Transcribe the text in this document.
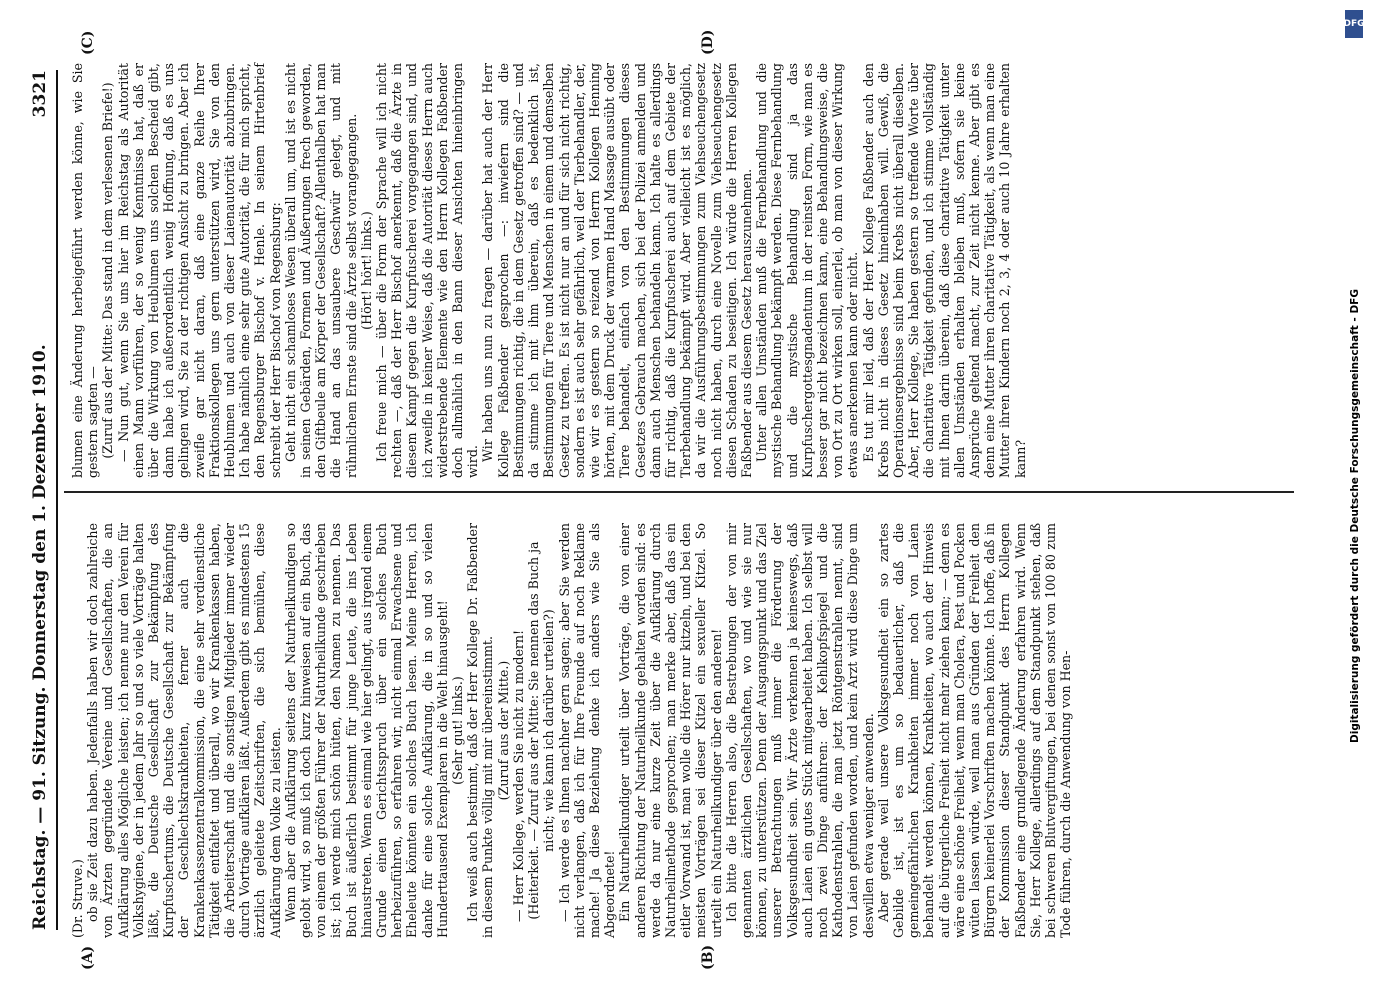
Reichstag. — 91. Sitzung. Donnerstag den 1. Dezember 1910.
3321
(A)	(B)
(C)	(D)

(Dr. Struve.) ob sie Zeit dazu haben. Jedenfalls haben wir doch zahlreiche von Ärzten gegründete Vereine und Gesellschaften, die an Aufklärung alles Mögliche leisten; ich nenne nur den Verein für Volkshygiene, der in jedem Jahr so und so viele Vorträge halten läßt, die Deutsche Gesellschaft zur Bekämpfung des Kurpfuschertums, die Deutsche Gesellschaft zur Bekämpfung der Geschlechtskrankheiten, ferner auch die Krankenkassenzentralkommission, die eine sehr verdienstliche Tätigkeit entfaltet und überall, wo wir Krankenkassen haben, die Arbeiterschaft und die sonstigen Mitglieder immer wieder durch Vorträge aufklären läßt. Außerdem gibt es mindestens 15 ärztlich geleitete Zeitschriften, die sich bemühen, diese Aufklärung dem Volke zu leisten. Wenn aber die Aufklärung seitens der Naturheilkundigen so gelobt wird, so muß ich doch kurz hinweisen auf ein Buch, das von einem der größten Führer der Naturheilkunde geschrieben ist; ich werde mich schön hüten, den Namen zu nennen. Das Buch ist äußerlich bestimmt für junge Leute, die ins Leben hinaustreten. Wenn es einmal wie hier gelingt, aus irgend einem Grunde einen Gerichtsspruch über ein solches Buch herbeizuführen, so erfahren wir, nicht einmal Erwachsene und Eheleute könnten ein solches Buch lesen. Meine Herren, ich danke für eine solche Aufklärung, die in so und so vielen Hunderttausend Exemplaren in die Welt hinausgeht! (Sehr gut! links.) Ich weiß auch bestimmt, daß der Herr Kollege Dr. Faßbender in diesem Punkte völlig mit mir übereinstimmt. (Zuruf aus der Mitte.) — Herr Kollege, werden Sie nicht zu modern! (Heiterkeit. — Zuruf aus der Mitte: Sie nennen das Buch ja nicht; wie kann ich darüber urteilen?) — Ich werde es Ihnen nachher gern sagen; aber Sie werden nicht verlangen, daß ich für Ihre Freunde auf noch Reklame mache! Ja diese Beziehung denke ich anders wie Sie als Abgeordnete! Ein Naturheilkundiger urteilt über Vorträge, die von einer anderen Richtung der Naturheilkunde gehalten worden sind: es werde da nur eine kurze Zeit über die Aufklärung durch Naturheilmethode gesprochen; man merke aber, daß das ein eitler Vorwand ist, man wolle die Hörer nur kitzeln, und bei den meisten Vorträgen sei dieser Kitzel ein sexueller Kitzel. So urteilt ein Naturheilkundiger über den anderen! Ich bitte die Herren also, die Bestrebungen der von mir genannten ärztlichen Gesellschaften, wo und wie sie nur können, zu unterstützen. Denn der Ausgangspunkt und das Ziel unserer Betrachtungen muß immer die Förderung der Volksgesundheit sein. Wir Ärzte verkennen ja keineswegs, daß auch Laien ein gutes Stück mitgearbeitet haben. Ich selbst will noch zwei Dinge anführen: der Kehlkopfspiegel und die Kathodenstrahlen, die man jetzt Röntgenstrahlen nennt, sind von Laien gefunden worden, und kein Arzt wird diese Dinge um deswillen etwa weniger anwenden. Aber gerade weil unsere Volksgesundheit ein so zartes Gebilde ist, ist es um so bedauerlicher, daß die gemeingefährlichen Krankheiten immer noch von Laien behandelt werden können, Krankheiten, wo auch der Hinweis auf die bürgerliche Freiheit nicht mehr ziehen kann; — denn es wäre eine schöne Freiheit, wenn man Cholera, Pest und Pocken wüten lassen würde, weil man aus Gründen der Freiheit den Bürgern keinerlei Vorschriften machen könnte. Ich hoffe, daß in der Kommission dieser Standpunkt des Herrn Kollegen Faßbender eine grundlegende Änderung erfahren wird. Wenn Sie, Herr Kollege, allerdings auf dem Standpunkt stehen, daß bei schweren Blutvergiftungen, bei denen sonst von 100 80 zum Tode führen, durch die Anwendung von Hen-

blumen eine Änderung herbeigeführt werden könne, wie Sie gestern sagten — (Zuruf aus der Mitte: Das stand in dem verlesenen Briefe!) — Nun gut, wenn Sie uns hier im Reichstag als Autorität einen Mann vorführen, der so wenig Kenntnisse hat, daß er über die Wirkung von Heublumen uns solchen Bescheid gibt, dann habe ich außerordentlich wenig Hoffnung, daß es uns gelingen wird, Sie zu der richtigen Ansicht zu bringen. Aber ich zweifle gar nicht daran, daß eine ganze Reihe Ihrer Fraktionskollegen uns gern unterstützen wird, Sie von den Heublumen und auch von dieser Laienautorität abzubringen. Ich habe nämlich eine sehr gute Autorität, die für mich spricht, den Regensburger Bischof v. Henle. In seinem Hirtenbrief schreibt der Herr Bischof von Regensburg: Geht nicht ein schamloses Wesen überall um, und ist es nicht in seinen Gebärden, Formen und Äußerungen frech geworden, den Giftbeule am Körper der Gesellschaft? Allenthalben hat man die Hand an das unsaubere Geschwür gelegt, und mit rühmlichem Ernste sind die Ärzte selbst vorangegangen. (Hört! hört! links.) Ich freue mich — über die Form der Sprache will ich nicht rechten —, daß der Herr Bischof anerkennt, daß die Ärzte in diesem Kampf gegen die Kurpfuscherei vorgegangen sind, und ich zweifle in keiner Weise, daß die Autorität dieses Herrn auch widerstrebende Elemente wie den Herrn Kollegen Faßbender doch allmählich in den Bann dieser Ansichten hineinbringen wird. Wir haben uns nun zu fragen — darüber hat auch der Herr Kollege Faßbender gesprochen —: inwiefern sind die Bestimmungen richtig, die in dem Gesetz getroffen sind? — und da stimme ich mit ihm überein, daß es bedenklich ist, Bestimmungen für Tiere und Menschen in einem und demselben Gesetz zu treffen. Es ist nicht nur an und für sich nicht richtig, sondern es ist auch sehr gefährlich, weil der Tierbehandler, der, wie wir es gestern so reizend von Herrn Kollegen Henning hörten, mit dem Druck der warmen Hand Massage ausübt oder Tiere behandelt, einfach von den Bestimmungen dieses Gesetzes Gebrauch machen, sich bei der Polizei anmelden und dann auch Menschen behandeln kann. Ich halte es allerdings für richtig, daß die Kurpfuscherei auch auf dem Gebiete der Tierbehandlung bekämpft wird. Aber vielleicht ist es möglich, da wir die Ausführungsbestimmungen zum Viehseuchengesetz noch nicht haben, durch eine Novelle zum Viehseuchengesetz diesen Schaden zu beseitigen. Ich würde die Herren Kollegen Faßbender aus diesem Gesetz herauszunehmen. Unter allen Umständen muß die Fernbehandlung und die mystische Behandlung bekämpft werden. Diese Fernbehandlung und die mystische Behandlung sind ja das Kurpfuschergottesgnadentum in der reinsten Form, wie man es besser gar nicht bezeichnen kann, eine Behandlungsweise, die von Ort zu Ort wirken soll, einerlei, ob man von dieser Wirkung etwas anerkennen kann oder nicht. Es tut mir leid, daß der Herr Kollege Faßbender auch den Krebs nicht in dieses Gesetz hineinhaben will. Gewiß, die Operationsergebnisse sind beim Krebs nicht überall dieselben. Aber, Herr Kollege, Sie haben gestern so treffende Worte über die charitative Tätigkeit gefunden, und ich stimme vollständig mit Ihnen darin überein, daß diese charitative Tätigkeit unter allen Umständen erhalten bleiben muß, sofern sie keine Ansprüche geltend macht, zur Zeit nicht kenne. Aber gibt es denn eine Mutter ihren charitative Tätigkeit, als wenn man eine Mutter ihren Kindern noch 2, 3, 4 oder auch 10 Jahre erhalten kann?

DFG
Digitalisierung gefördert durch die Deutsche Forschungsgemeinschaft - DFG
